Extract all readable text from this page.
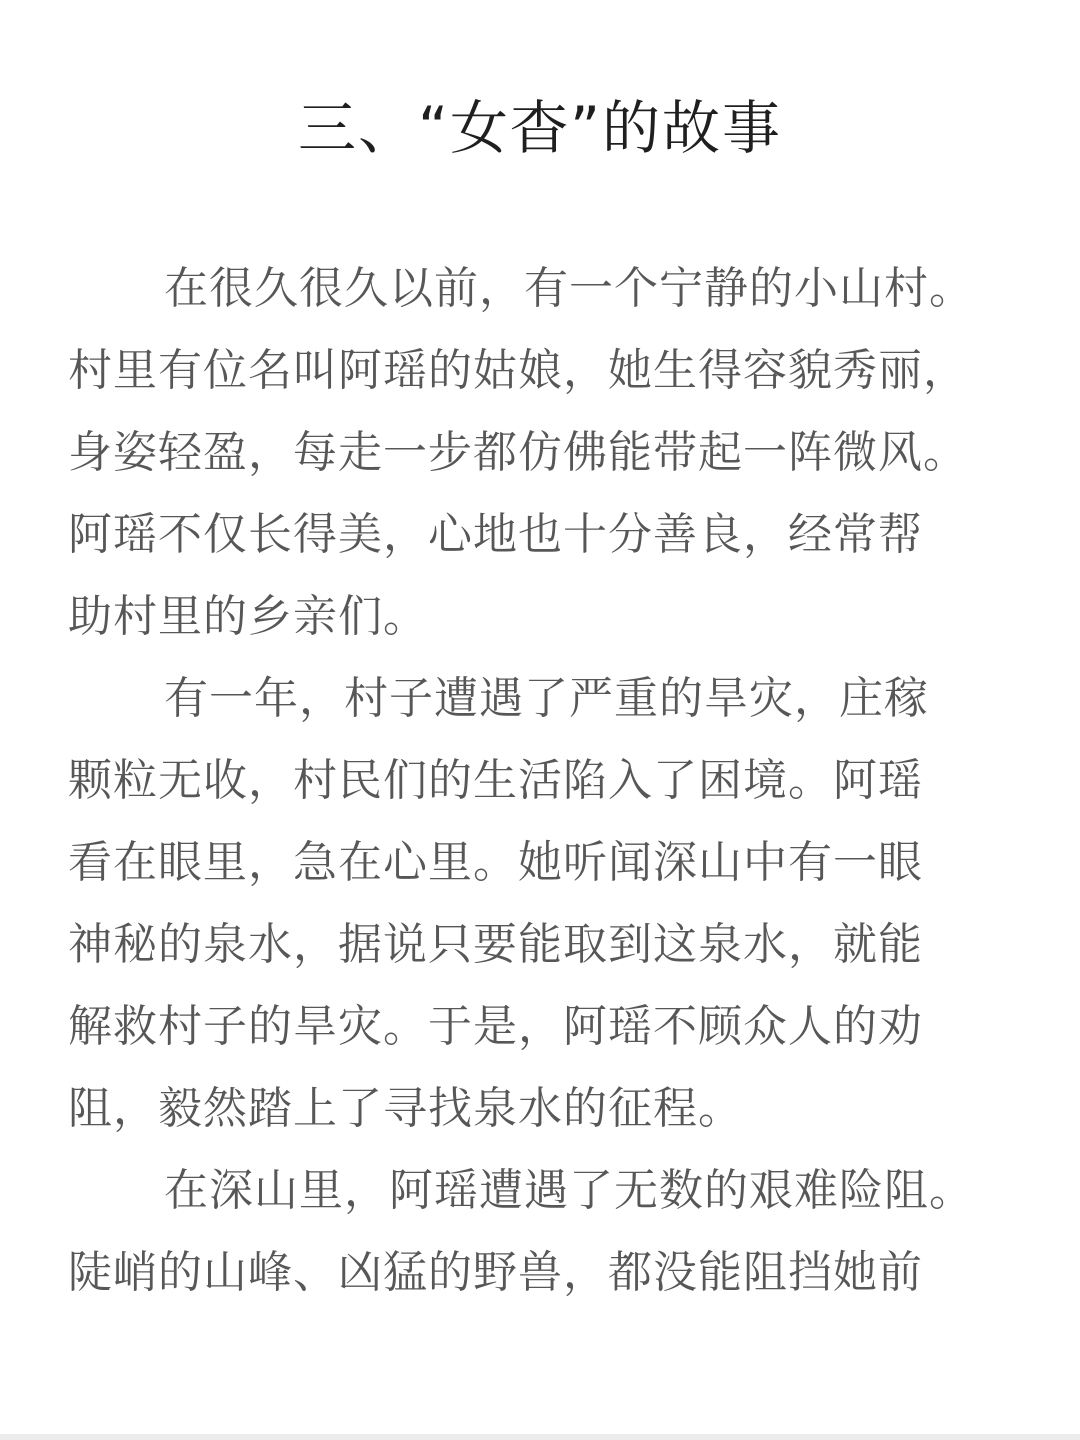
三、“女杳”的故事
在很久很久以前，有一个宁静的小山村。
村里有位名叫阿瑶的姑娘，她生得容貌秀丽，
身姿轻盈，每走一步都仿佛能带起一阵微风。
阿瑶不仅长得美，心地也十分善良，经常帮
助村里的乡亲们。
有一年，村子遭遇了严重的旱灾，庄稼
颗粒无收，村民们的生活陷入了困境。阿瑶
看在眼里，急在心里。她听闻深山中有一眼
神秘的泉水，据说只要能取到这泉水，就能
解救村子的旱灾。于是，阿瑶不顾众人的劝
阻，毅然踏上了寻找泉水的征程。
在深山里，阿瑶遭遇了无数的艰难险阻。
陡峭的山峰、凶猛的野兽，都没能阻挡她前
